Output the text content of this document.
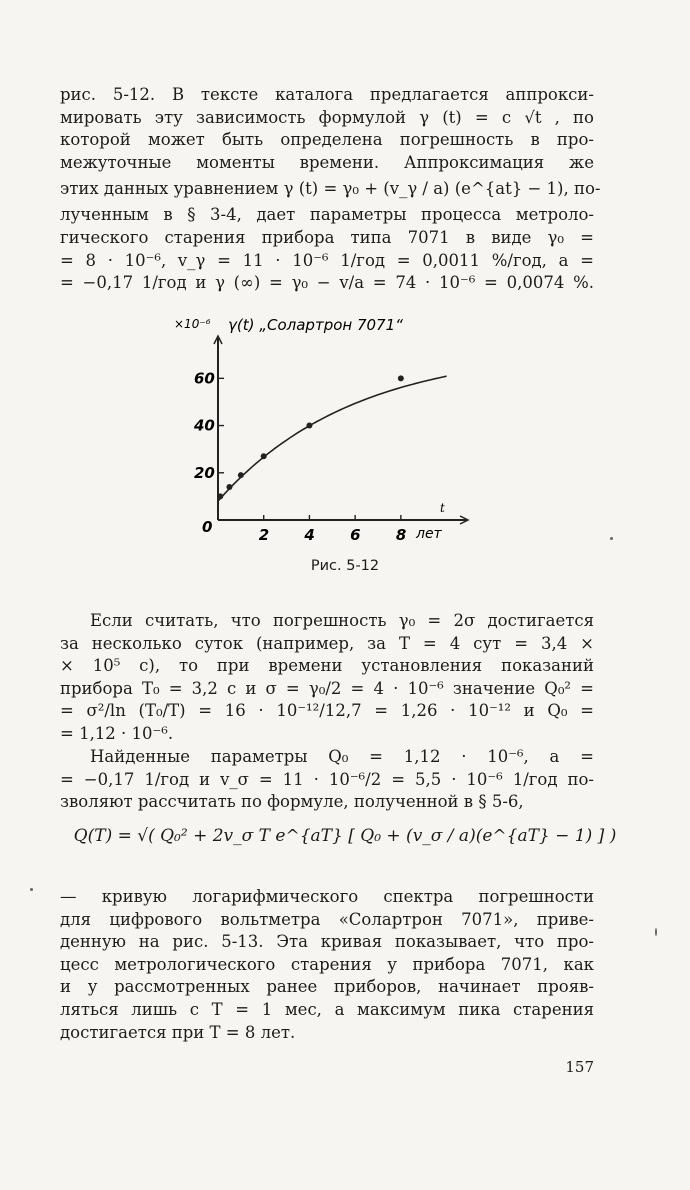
рис. 5-12. В тексте каталога предлагается аппрокси-
мировать эту зависимость формулой γ (t) = c √t , по
которой может быть определена погрешность в про-
межуточные моменты времени. Аппроксимация же
этих данных уравнением γ (t) = γ₀ + (v_γ / a) (e^{at} − 1), по-
лученным в § 3-4, дает параметры процесса метроло-
гического старения прибора типа 7071 в виде γ₀ =
= 8 · 10⁻⁶, v_γ = 11 · 10⁻⁶ 1/год = 0,0011 %/год, a =
= −0,17 1/год и γ (∞) = γ₀ − v/a = 74 · 10⁻⁶ = 0,0074 %.
2 4 6 8
0
20
40
60
γ(t) „Солартрон 7071“
×10⁻⁶
лет
t
Рис. 5-12
Если считать, что погрешность γ₀ = 2σ достигается
за несколько суток (например, за T = 4 сут = 3,4 ×
× 10⁵ с), то при времени установления показаний
прибора T₀ = 3,2 с и σ = γ₀/2 = 4 · 10⁻⁶ значение Q₀² =
= σ²/ln (T₀/T) = 16 · 10⁻¹²/12,7 = 1,26 · 10⁻¹² и Q₀ =
= 1,12 · 10⁻⁶.
Найденные параметры Q₀ = 1,12 · 10⁻⁶, a =
= −0,17 1/год и v_σ = 11 · 10⁻⁶/2 = 5,5 · 10⁻⁶ 1/год по-
зволяют рассчитать по формуле, полученной в § 5-6,
Q(T) = √( Q₀² + 2v_σ T e^{aT} [ Q₀ + (v_σ / a)(e^{aT} − 1) ] )
— кривую логарифмического спектра погрешности
для цифрового вольтметра «Солартрон 7071», приве-
денную на рис. 5-13. Эта кривая показывает, что про-
цесс метрологического старения у прибора 7071, как
и у рассмотренных ранее приборов, начинает прояв-
ляться лишь с T = 1 мес, а максимум пика старения
достигается при T = 8 лет.
157
